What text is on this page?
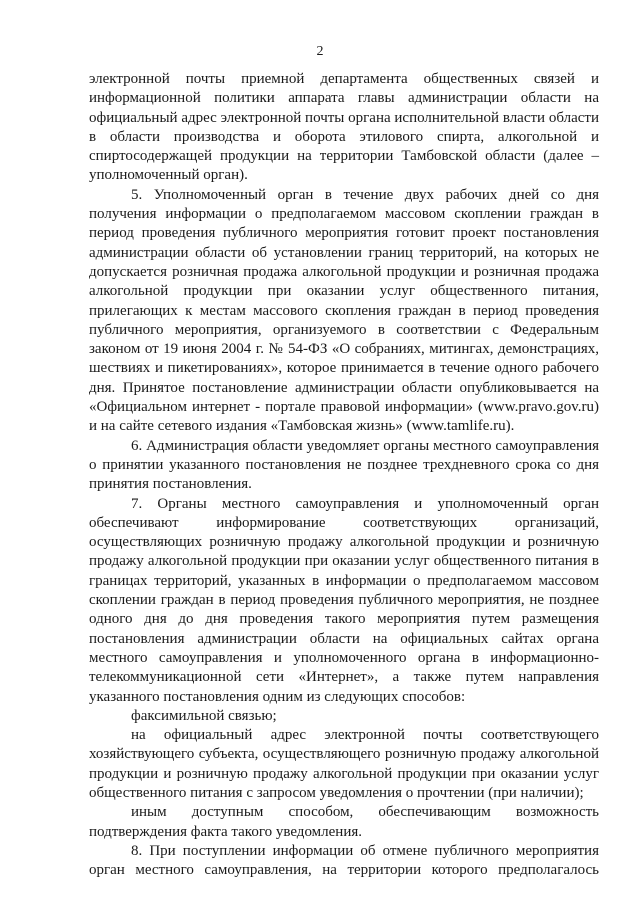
2

электронной почты приемной департамента общественных связей и информационной политики аппарата главы администрации области на официальный адрес электронной почты органа исполнительной власти области в области производства и оборота этилового спирта, алкогольной и спиртосодержащей продукции на территории Тамбовской области (далее – уполномоченный орган).

5. Уполномоченный орган в течение двух рабочих дней со дня получения информации о предполагаемом массовом скоплении граждан в период проведения публичного мероприятия готовит проект постановления администрации области об установлении границ территорий, на которых не допускается розничная продажа алкогольной продукции и розничная продажа алкогольной продукции при оказании услуг общественного питания, прилегающих к местам массового скопления граждан в период проведения публичного мероприятия, организуемого в соответствии с Федеральным законом от 19 июня 2004 г. № 54-ФЗ «О собраниях, митингах, демонстрациях, шествиях и пикетированиях», которое принимается в течение одного рабочего дня. Принятое постановление администрации области опубликовывается на «Официальном интернет - портале правовой информации» (www.pravo.gov.ru) и на сайте сетевого издания «Тамбовская жизнь» (www.tamlife.ru).

6. Администрация области уведомляет органы местного самоуправления о принятии указанного постановления не позднее трехдневного срока со дня принятия постановления.

7. Органы местного самоуправления и уполномоченный орган обеспечивают информирование соответствующих организаций, осуществляющих розничную продажу алкогольной продукции и розничную продажу алкогольной продукции при оказании услуг общественного питания в границах территорий, указанных в информации о предполагаемом массовом скоплении граждан в период проведения публичного мероприятия, не позднее одного дня до дня проведения такого мероприятия путем размещения постановления администрации области на официальных сайтах органа местного самоуправления и уполномоченного органа в информационно-телекоммуникационной сети «Интернет», а также путем направления указанного постановления одним из следующих способов:

факсимильной связью;

на официальный адрес электронной почты соответствующего хозяйствующего субъекта, осуществляющего розничную продажу алкогольной продукции и розничную продажу алкогольной продукции при оказании услуг общественного питания с запросом уведомления о прочтении (при наличии);

иным доступным способом, обеспечивающим возможность подтверждения факта такого уведомления.

8. При поступлении информации об отмене публичного мероприятия орган местного самоуправления, на территории которого предполагалось
